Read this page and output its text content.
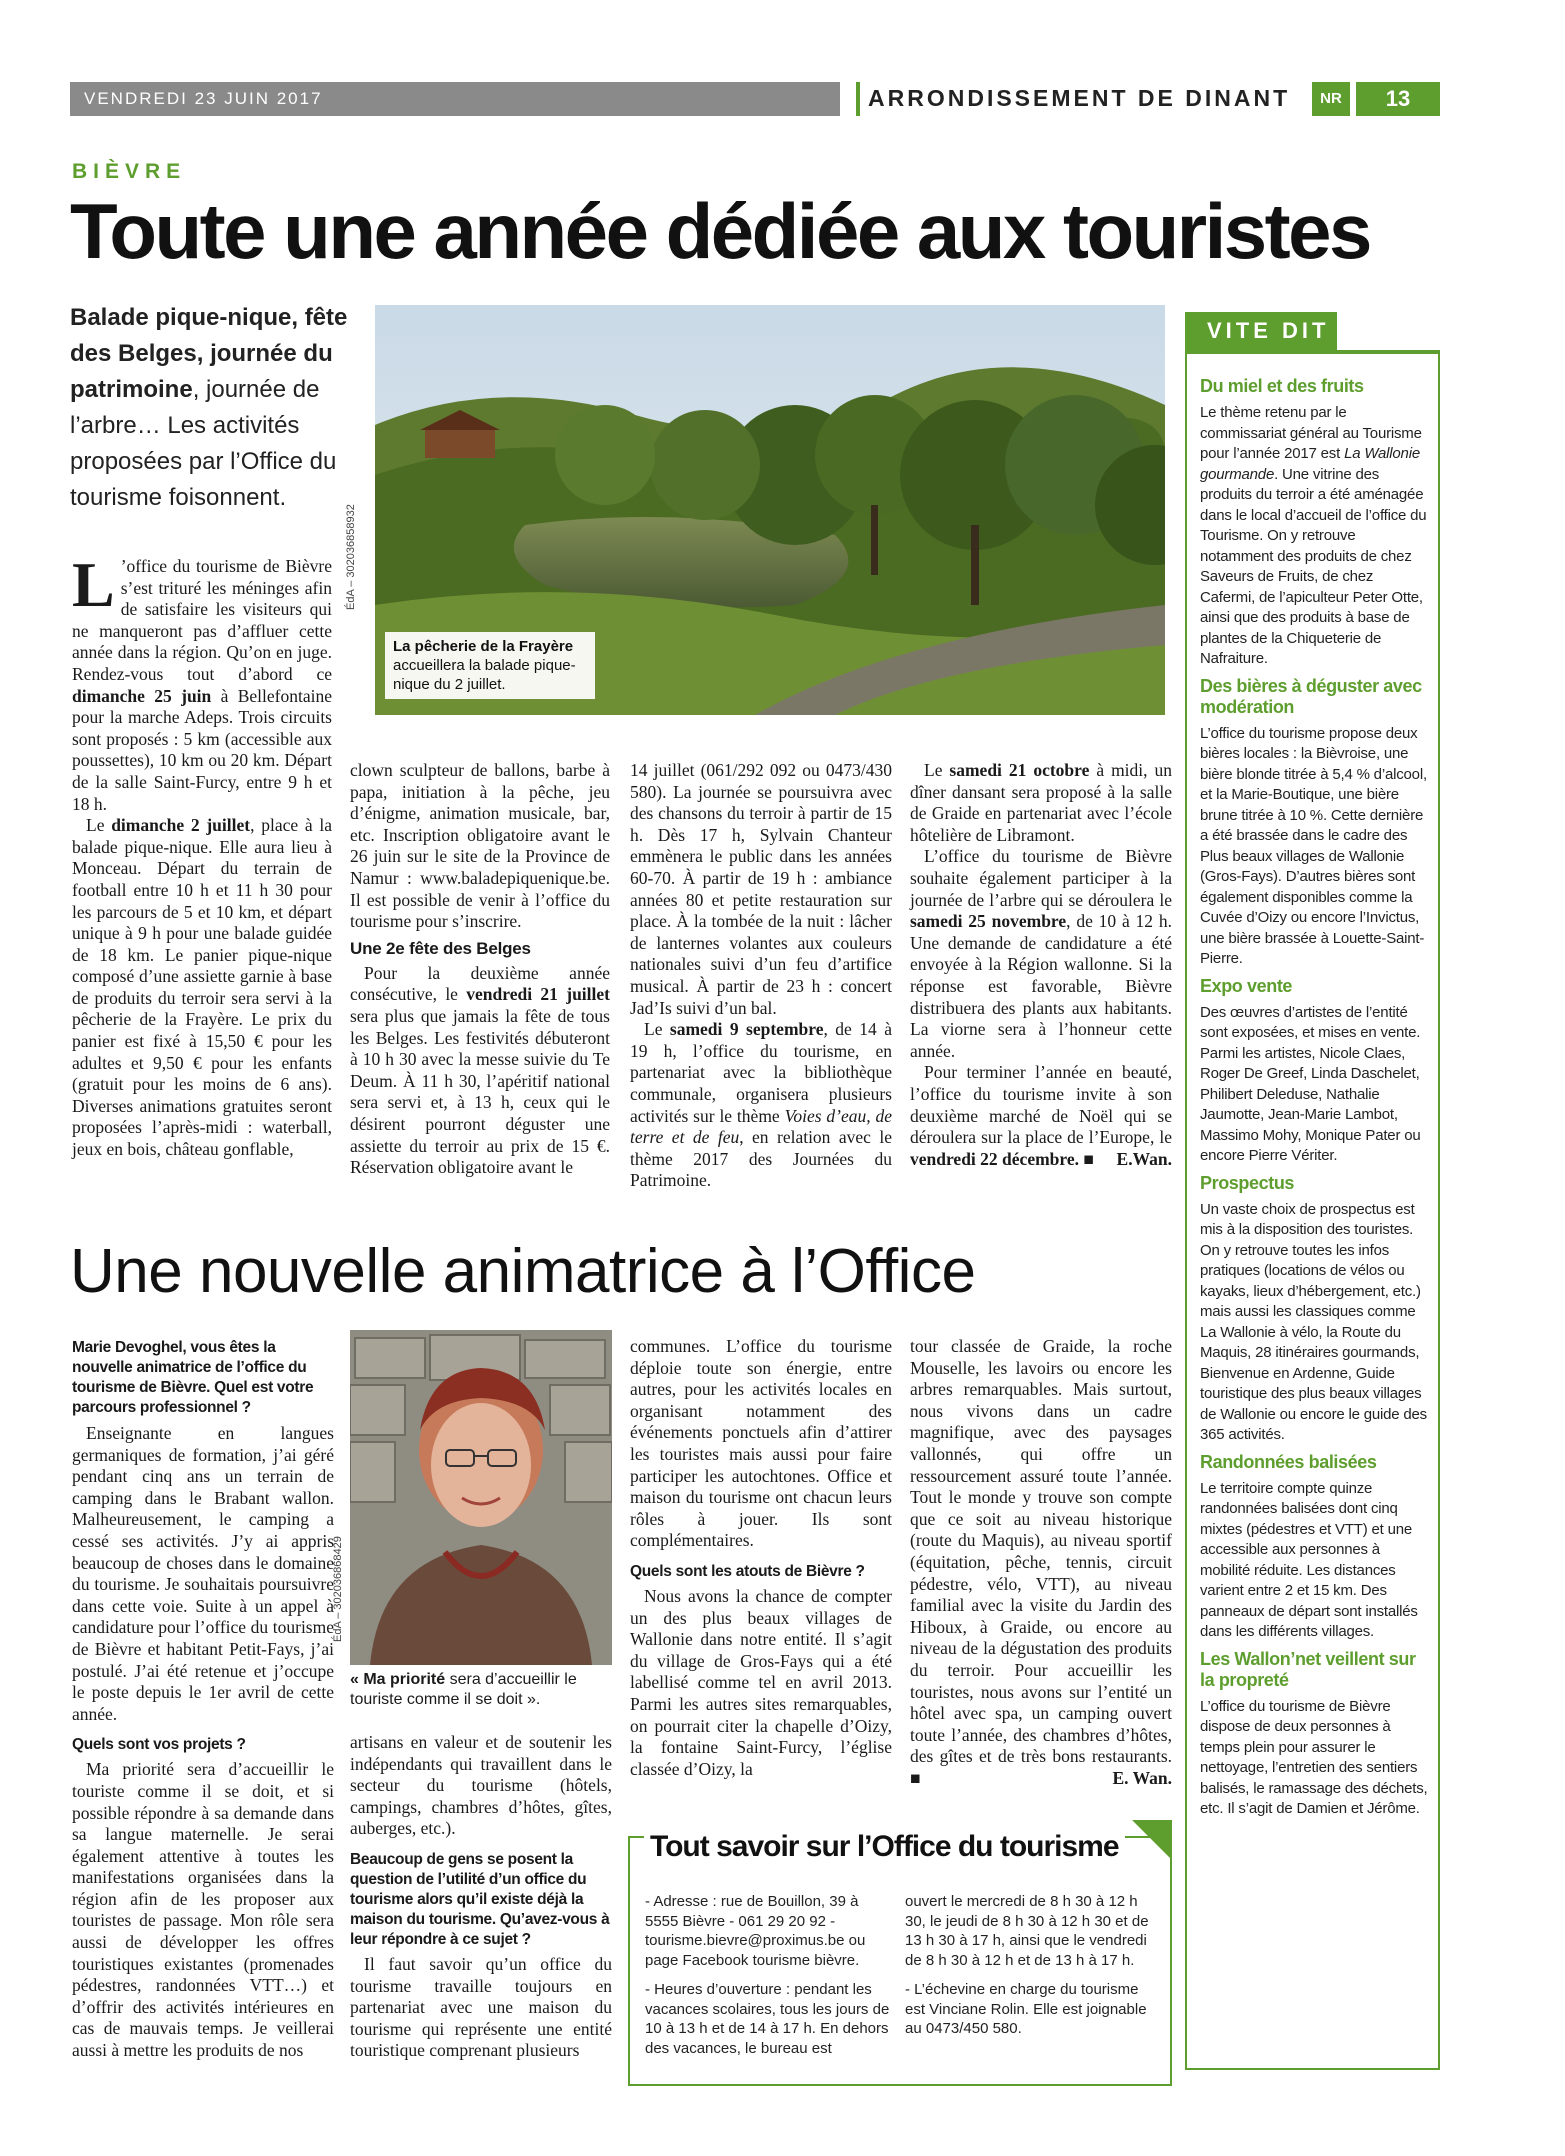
VENDREDI 23 JUIN 2017	ARRONDISSEMENT DE DINANT	NR	13
BIÈVRE
Toute une année dédiée aux touristes
Balade pique-nique, fête des Belges, journée du patrimoine, journée de l’arbre… Les activités proposées par l’Office du tourisme foisonnent.
ÉdA – 302036858932
La pêcherie de la Frayère accueillera la balade pique-nique du 2 juillet.

L ’office du tourisme de Bièvre s’est trituré les méninges afin de satisfaire les visiteurs qui ne manqueront pas d’affluer cette année dans la région. Qu’on en juge. Rendez-vous tout d’abord ce dimanche 25 juin à Bellefontaine pour la marche Adeps. Trois circuits sont proposés : 5 km (accessible aux poussettes), 10 km ou 20 km. Départ de la salle Saint-Furcy, entre 9 h et 18 h.

Le dimanche 2 juillet, place à la balade pique-nique. Elle aura lieu à Monceau. Départ du terrain de football entre 10 h et 11 h 30 pour les parcours de 5 et 10 km, et départ unique à 9 h pour une balade guidée de 18 km. Le panier pique-nique composé d’une assiette garnie à base de produits du terroir sera servi à la pêcherie de la Frayère. Le prix du panier est fixé à 15,50 € pour les adultes et 9,50 € pour les enfants (gratuit pour les moins de 6 ans). Diverses animations gratuites seront proposées l’après-midi : waterball, jeux en bois, château gonflable,

clown sculpteur de ballons, barbe à papa, initiation à la pêche, jeu d’énigme, animation musicale, bar, etc. Inscription obligatoire avant le 26 juin sur le site de la Province de Namur : www.baladepiquenique.be. Il est possible de venir à l’office du tourisme pour s’inscrire.

Une 2e fête des Belges

Pour la deuxième année consécutive, le vendredi 21 juillet sera plus que jamais la fête de tous les Belges. Les festivités débuteront à 10 h 30 avec la messe suivie du Te Deum. À 11 h 30, l’apéritif national sera servi et, à 13 h, ceux qui le désirent pourront déguster une assiette du terroir au prix de 15 €. Réservation obligatoire avant le

14 juillet (061/292 092 ou 0473/430 580). La journée se poursuivra avec des chansons du terroir à partir de 15 h. Dès 17 h, Sylvain Chanteur emmènera le public dans les années 60-70. À partir de 19 h : ambiance années 80 et petite restauration sur place. À la tombée de la nuit : lâcher de lanternes volantes aux couleurs nationales suivi d’un feu d’artifice musical. À partir de 23 h : concert Jad’Is suivi d’un bal.

Le samedi 9 septembre, de 14 à 19 h, l’office du tourisme, en partenariat avec la bibliothèque communale, organisera plusieurs activités sur le thème Voies d’eau, de terre et de feu, en relation avec le thème 2017 des Journées du Patrimoine.

Le samedi 21 octobre à midi, un dîner dansant sera proposé à la salle de Graide en partenariat avec l’école hôtelière de Libramont.

L’office du tourisme de Bièvre souhaite également participer à la journée de l’arbre qui se déroulera le samedi 25 novembre, de 10 à 12 h. Une demande de candidature a été envoyée à la Région wallonne. Si la réponse est favorable, Bièvre distribuera des plants aux habitants. La viorne sera à l’honneur cette année.

Pour terminer l’année en beauté, l’office du tourisme invite à son deuxième marché de Noël qui se déroulera sur la place de l’Europe, le vendredi 22 décembre. ■	E.Wan.

Une nouvelle animatrice à l’Office
Marie Devoghel, vous êtes la nouvelle animatrice de l’office du tourisme de Bièvre. Quel est votre parcours professionnel ?

Enseignante en langues germaniques de formation, j’ai géré pendant cinq ans un terrain de camping dans le Brabant wallon. Malheureusement, le camping a cessé ses activités. J’y ai appris beaucoup de choses dans le domaine du tourisme. Je souhaitais poursuivre dans cette voie. Suite à un appel à candidature pour l’office du tourisme de Bièvre et habitant Petit-Fays, j’ai postulé. J’ai été retenue et j’occupe le poste depuis le 1er avril de cette année.

Quels sont vos projets ?

Ma priorité sera d’accueillir le touriste comme il se doit, et si possible répondre à sa demande dans sa langue maternelle. Je serai également attentive à toutes les manifestations organisées dans la région afin de les proposer aux touristes de passage. Mon rôle sera aussi de développer les offres touristiques existantes (promenades pédestres, randonnées VTT…) et d’offrir des activités intérieures en cas de mauvais temps. Je veillerai aussi à mettre les produits de nos

ÉdA – 302036868429
« Ma priorité sera d’accueillir le touriste comme il se doit ».

artisans en valeur et de soutenir les indépendants qui travaillent dans le secteur du tourisme (hôtels, campings, chambres d’hôtes, gîtes, auberges, etc.).

Beaucoup de gens se posent la question de l’utilité d’un office du tourisme alors qu’il existe déjà la maison du tourisme. Qu’avez-vous à leur répondre à ce sujet ?

Il faut savoir qu’un office du tourisme travaille toujours en partenariat avec une maison du tourisme qui représente une entité touristique comprenant plusieurs

communes. L’office du tourisme déploie toute son énergie, entre autres, pour les activités locales en organisant notamment des événements ponctuels afin d’attirer les touristes mais aussi pour faire participer les autochtones. Office et maison du tourisme ont chacun leurs rôles à jouer. Ils sont complémentaires.

Quels sont les atouts de Bièvre ?

Nous avons la chance de compter un des plus beaux villages de Wallonie dans notre entité. Il s’agit du village de Gros-Fays qui a été labellisé comme tel en avril 2013. Parmi les autres sites remarquables, on pourrait citer la chapelle d’Oizy, la fontaine Saint-Furcy, l’église classée d’Oizy, la

tour classée de Graide, la roche Mouselle, les lavoirs ou encore les arbres remarquables. Mais surtout, nous vivons dans un cadre magnifique, avec des paysages vallonnés, qui offre un ressourcement assuré toute l’année. Tout le monde y trouve son compte que ce soit au niveau historique (route du Maquis), au niveau sportif (équitation, pêche, tennis, circuit pédestre, vélo, VTT), au niveau familial avec la visite du Jardin des Hiboux, à Graide, ou encore au niveau de la dégustation des produits du terroir. Pour accueillir les touristes, nous avons sur l’entité un hôtel avec spa, un camping ouvert toute l’année, des chambres d’hôtes, des gîtes et de très bons restaurants. ■	E. Wan.

Tout savoir sur l’Office du tourisme

- Adresse : rue de Bouillon, 39 à 5555 Bièvre - 061 29 20 92 - tourisme.bievre@proximus.be ou page Facebook tourisme bièvre.

- Heures d’ouverture : pendant les vacances scolaires, tous les jours de 10 à 13 h et de 14 à 17 h. En dehors des vacances, le bureau est

ouvert le mercredi de 8 h 30 à 12 h 30, le jeudi de 8 h 30 à 12 h 30 et de 13 h 30 à 17 h, ainsi que le vendredi de 8 h 30 à 12 h et de 13 h à 17 h.

- L’échevine en charge du tourisme est Vinciane Rolin. Elle est joignable au 0473/450 580.

VITE DIT
Du miel et des fruits

Le thème retenu par le commissariat général au Tourisme pour l’année 2017 est La Wallonie gourmande. Une vitrine des produits du terroir a été aménagée dans le local d’accueil de l’office du Tourisme. On y retrouve notamment des produits de chez Saveurs de Fruits, de chez Cafermi, de l’apiculteur Peter Otte, ainsi que des produits à base de plantes de la Chiqueterie de Nafraiture.

Des bières à déguster avec modération

L’office du tourisme propose deux bières locales : la Bièvroise, une bière blonde titrée à 5,4 % d’alcool, et la Marie-Boutique, une bière brune titrée à 10 %. Cette dernière a été brassée dans le cadre des Plus beaux villages de Wallonie (Gros-Fays). D’autres bières sont également disponibles comme la Cuvée d’Oizy ou encore l’Invictus, une bière brassée à Louette-Saint-Pierre.

Expo vente

Des œuvres d’artistes de l’entité sont exposées, et mises en vente. Parmi les artistes, Nicole Claes, Roger De Greef, Linda Daschelet, Philibert Deleduse, Nathalie Jaumotte, Jean-Marie Lambot, Massimo Mohy, Monique Pater ou encore Pierre Vériter.

Prospectus

Un vaste choix de prospectus est mis à la disposition des touristes. On y retrouve toutes les infos pratiques (locations de vélos ou kayaks, lieux d’hébergement, etc.) mais aussi les classiques comme La Wallonie à vélo, la Route du Maquis, 28 itinéraires gourmands, Bienvenue en Ardenne, Guide touristique des plus beaux villages de Wallonie ou encore le guide des 365 activités.

Randonnées balisées

Le territoire compte quinze randonnées balisées dont cinq mixtes (pédestres et VTT) et une accessible aux personnes à mobilité réduite. Les distances varient entre 2 et 15 km. Des panneaux de départ sont installés dans les différents villages.

Les Wallon’net veillent sur la propreté

L’office du tourisme de Bièvre dispose de deux personnes à temps plein pour assurer le nettoyage, l’entretien des sentiers balisés, le ramassage des déchets, etc. Il s’agit de Damien et Jérôme.
